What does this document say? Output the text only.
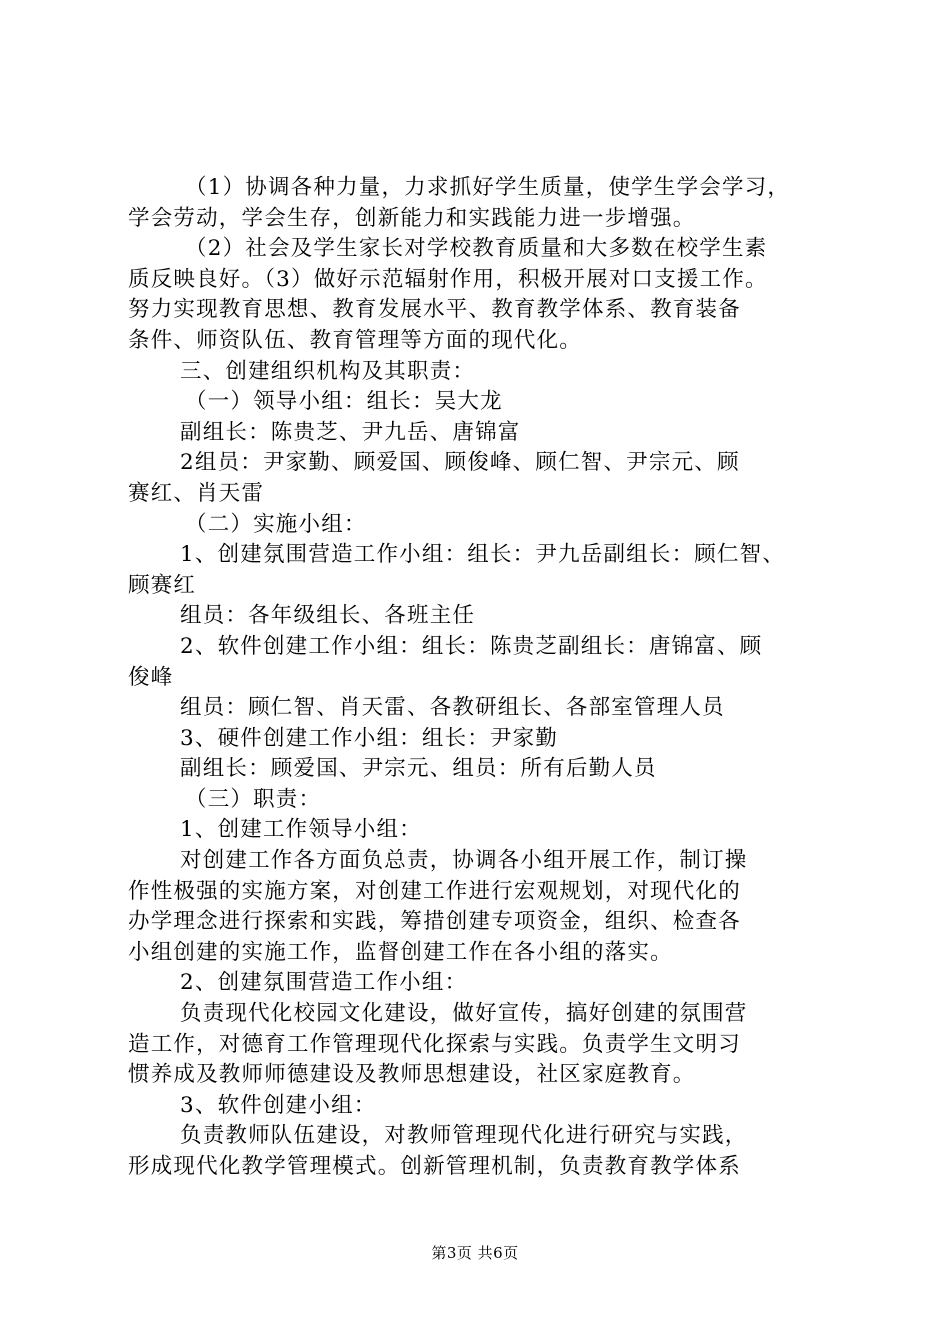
（1）协调各种力量，力求抓好学生质量，使学生学会学习，
学会劳动，学会生存，创新能力和实践能力进一步增强。
（2）社会及学生家长对学校教育质量和大多数在校学生素
质反映良好。（3）做好示范辐射作用，积极开展对口支援工作。
努力实现教育思想、教育发展水平、教育教学体系、教育装备
条件、师资队伍、教育管理等方面的现代化。
三、创建组织机构及其职责：
（一）领导小组：组长：吴大龙
副组长：陈贵芝、尹九岳、唐锦富
2组员：尹家勤、顾爱国、顾俊峰、顾仁智、尹宗元、顾
赛红、肖天雷
（二）实施小组：
1、创建氛围营造工作小组：组长：尹九岳副组长：顾仁智、
顾赛红
组员：各年级组长、各班主任
2、软件创建工作小组：组长：陈贵芝副组长：唐锦富、顾
俊峰
组员：顾仁智、肖天雷、各教研组长、各部室管理人员
3、硬件创建工作小组：组长：尹家勤
副组长：顾爱国、尹宗元、组员：所有后勤人员
（三）职责：
1、创建工作领导小组：
对创建工作各方面负总责，协调各小组开展工作，制订操
作性极强的实施方案，对创建工作进行宏观规划，对现代化的
办学理念进行探索和实践，筹措创建专项资金，组织、检查各
小组创建的实施工作，监督创建工作在各小组的落实。
2、创建氛围营造工作小组：
负责现代化校园文化建设，做好宣传，搞好创建的氛围营
造工作，对德育工作管理现代化探索与实践。负责学生文明习
惯养成及教师师德建设及教师思想建设，社区家庭教育。
3、软件创建小组：
负责教师队伍建设，对教师管理现代化进行研究与实践，
形成现代化教学管理模式。创新管理机制，负责教育教学体系
第3页 共6页
